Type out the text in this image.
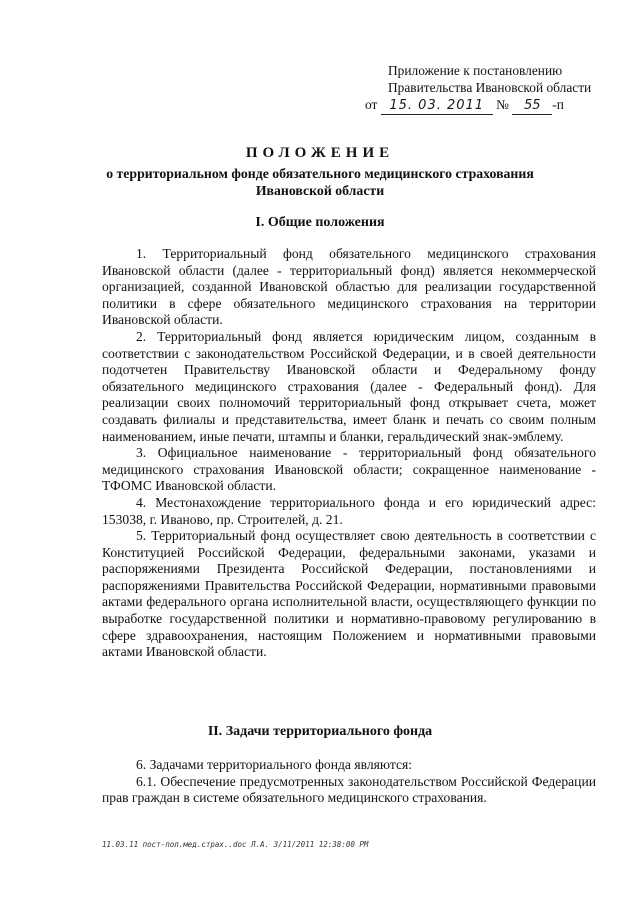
Приложение к постановлению
Правительства Ивановской области
от 15. 03. 2011 № 55 -п
ПОЛОЖЕНИЕ
о территориальном фонде обязательного медицинского страхования
Ивановской области
I. Общие положения

1. Территориальный фонд обязательного медицинского страхования Ивановской области (далее - территориальный фонд) является некоммерческой организацией, созданной Ивановской областью для реализации государственной политики в сфере обязательного медицинского страхования на территории Ивановской области.

2. Территориальный фонд является юридическим лицом, созданным в соответствии с законодательством Российской Федерации, и в своей деятельности подотчетен Правительству Ивановской области и Федеральному фонду обязательного медицинского страхования (далее - Федеральный фонд). Для реализации своих полномочий территориальный фонд открывает счета, может создавать филиалы и представительства, имеет бланк и печать со своим полным наименованием, иные печати, штампы и бланки, геральдический знак-эмблему.

3. Официальное наименование - территориальный фонд обязательного медицинского страхования Ивановской области; сокращенное наименование - ТФОМС Ивановской области.

4. Местонахождение территориального фонда и его юридический адрес: 153038, г. Иваново, пр. Строителей, д. 21.

5. Территориальный фонд осуществляет свою деятельность в соответствии с Конституцией Российской Федерации, федеральными законами, указами и распоряжениями Президента Российской Федерации, постановлениями и распоряжениями Правительства Российской Федерации, нормативными правовыми актами федерального органа исполнительной власти, осуществляющего функции по выработке государственной политики и нормативно-правовому регулированию в сфере здравоохранения, настоящим Положением и нормативными правовыми актами Ивановской области.

II. Задачи территориального фонда

6. Задачами территориального фонда являются:

6.1. Обеспечение предусмотренных законодательством Российской Федерации прав граждан в системе обязательного медицинского страхования.

11.03.11 пост-пол.мед.страх..doc Л.А. 3/11/2011 12:38:00 PM
